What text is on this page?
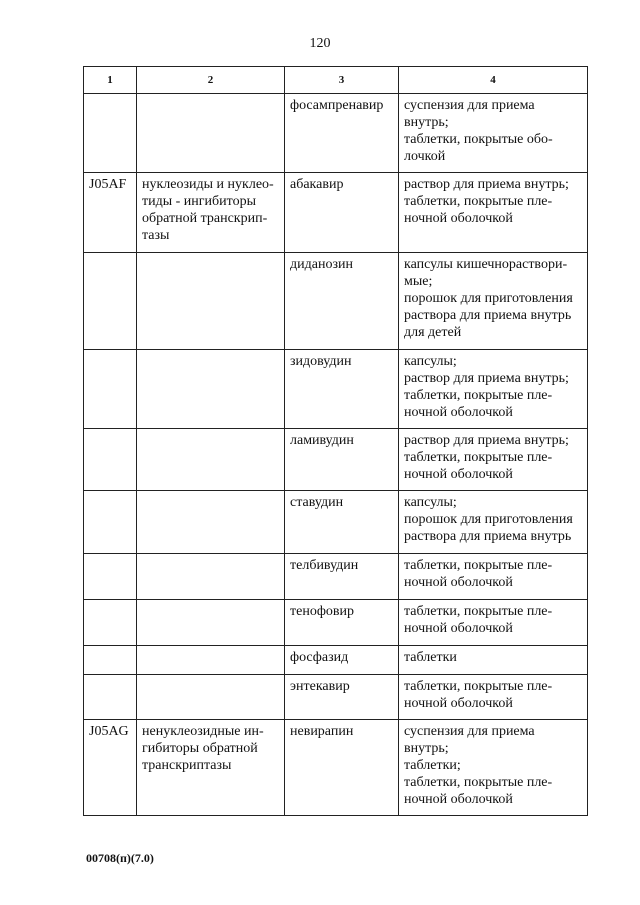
120
1	2	3	4
		фосампренавир	суспензия для приема
внутрь;
таблетки, покрытые обо-
лочкой
J05AF	нуклеозиды и нуклео-
тиды - ингибиторы
обратной транскрип-
тазы	абакавир	раствор для приема внутрь;
таблетки, покрытые пле-
ночной оболочкой
		диданозин	капсулы кишечнораствори-
мые;
порошок для приготовления
раствора для приема внутрь
для детей
		зидовудин	капсулы;
раствор для приема внутрь;
таблетки, покрытые пле-
ночной оболочкой
		ламивудин	раствор для приема внутрь;
таблетки, покрытые пле-
ночной оболочкой
		ставудин	капсулы;
порошок для приготовления
раствора для приема внутрь
		телбивудин	таблетки, покрытые пле-
ночной оболочкой
		тенофовир	таблетки, покрытые пле-
ночной оболочкой
		фосфазид	таблетки
		энтекавир	таблетки, покрытые пле-
ночной оболочкой
J05AG	ненуклеозидные ин-
гибиторы обратной
транскриптазы	невирапин	суспензия для приема
внутрь;
таблетки;
таблетки, покрытые пле-
ночной оболочкой
00708(п)(7.0)
